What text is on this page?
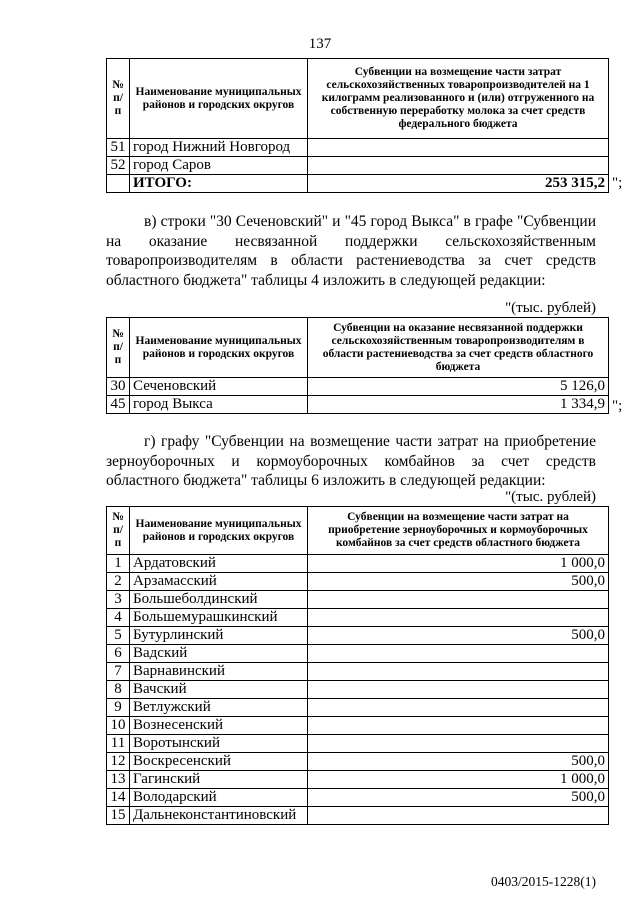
137
№ п/п	Наименование муниципальных районов и городских округов	Субвенции на возмещение части затрат сельскохозяйственных товаропроизводителей на 1 килограмм реализованного и (или) отгруженного на собственную переработку молока за счет средств федерального бюджета
51	город Нижний Новгород	
52	город Саров	
	ИТОГО:	253 315,2 ";

в) строки "30 Сеченовский" и "45 город Выкса" в графе "Субвенции на оказание несвязанной поддержки сельскохозяйственным товаропроизводителям в области растениеводства за счет средств областного бюджета" таблицы 4 изложить в следующей редакции:

"(тыс. рублей)
№ п/п	Наименование муниципальных районов и городских округов	Субвенции на оказание несвязанной поддержки сельскохозяйственным товаропроизводителям в области растениеводства за счет средств областного бюджета
30	Сеченовский	5 126,0
45	город Выкса	1 334,9 ";

г) графу "Субвенции на возмещение части затрат на приобретение зерноуборочных и кормоуборочных комбайнов за счет средств областного бюджета" таблицы 6 изложить в следующей редакции:

"(тыс. рублей)
№ п/п	Наименование муниципальных районов и городских округов	Субвенции на возмещение части затрат на приобретение зерноуборочных и кормоуборочных комбайнов за счет средств областного бюджета
1	Ардатовский	1 000,0
2	Арзамасский	500,0
3	Большеболдинский	
4	Большемурашкинский	
5	Бутурлинский	500,0
6	Вадский	
7	Варнавинский	
8	Вачский	
9	Ветлужский	
10	Вознесенский	
11	Воротынский	
12	Воскресенский	500,0
13	Гагинский	1 000,0
14	Володарский	500,0
15	Дальнеконстантиновский	
0403/2015-1228(1)
